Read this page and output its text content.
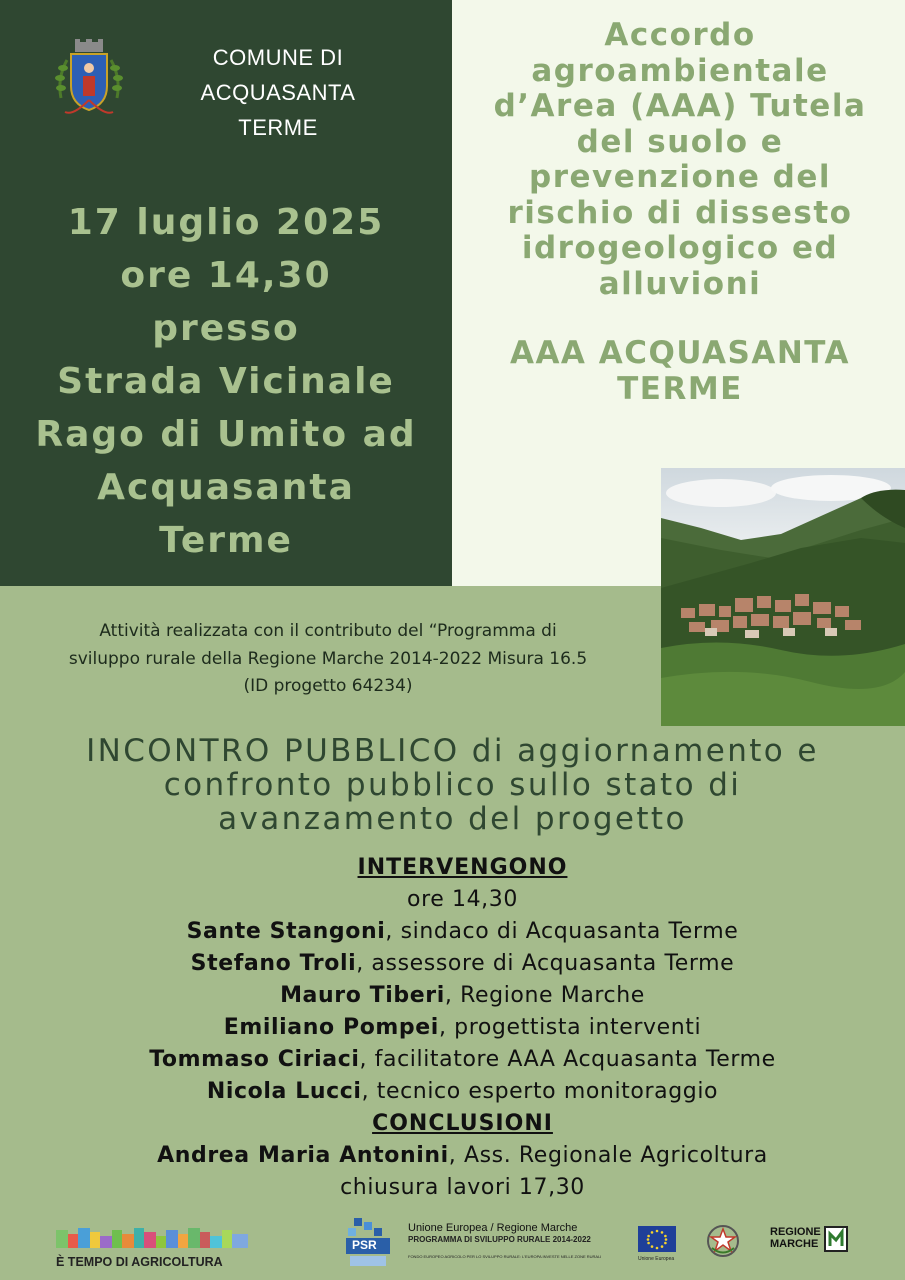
COMUNE DI
ACQUASANTA
TERME
17 luglio 2025
ore 14,30
presso
Strada Vicinale
Rago di Umito ad
Acquasanta
Terme
Accordo
agroambientale
d’Area (AAA) Tutela
del suolo e
prevenzione del
rischio di dissesto
idrogeologico ed
alluvioni
AAA ACQUASANTA
TERME
Attività realizzata con il contributo del “Programma di
sviluppo rurale della Regione Marche 2014-2022 Misura 16.5
(ID progetto 64234)
INCONTRO PUBBLICO di aggiornamento e
confronto pubblico sullo stato di
avanzamento del progetto
INTERVENGONO
ore 14,30
Sante Stangoni, sindaco di Acquasanta Terme
Stefano Troli, assessore di Acquasanta Terme
Mauro Tiberi, Regione Marche
Emiliano Pompei, progettista interventi
Tommaso Ciriaci, facilitatore AAA Acquasanta Terme
Nicola Lucci, tecnico esperto monitoraggio
CONCLUSIONI
Andrea Maria Antonini, Ass. Regionale Agricoltura
chiusura lavori 17,30
È TEMPO DI AGRICOLTURA
PSR
Unione Europea / Regione Marche
PROGRAMMA DI SVILUPPO RURALE 2014-2022
FONDO EUROPEO AGRICOLO PER LO SVILUPPO RURALE: L'EUROPA INVESTE NELLE ZONE RURALI	Unione Europea
REGIONE
MARCHE
